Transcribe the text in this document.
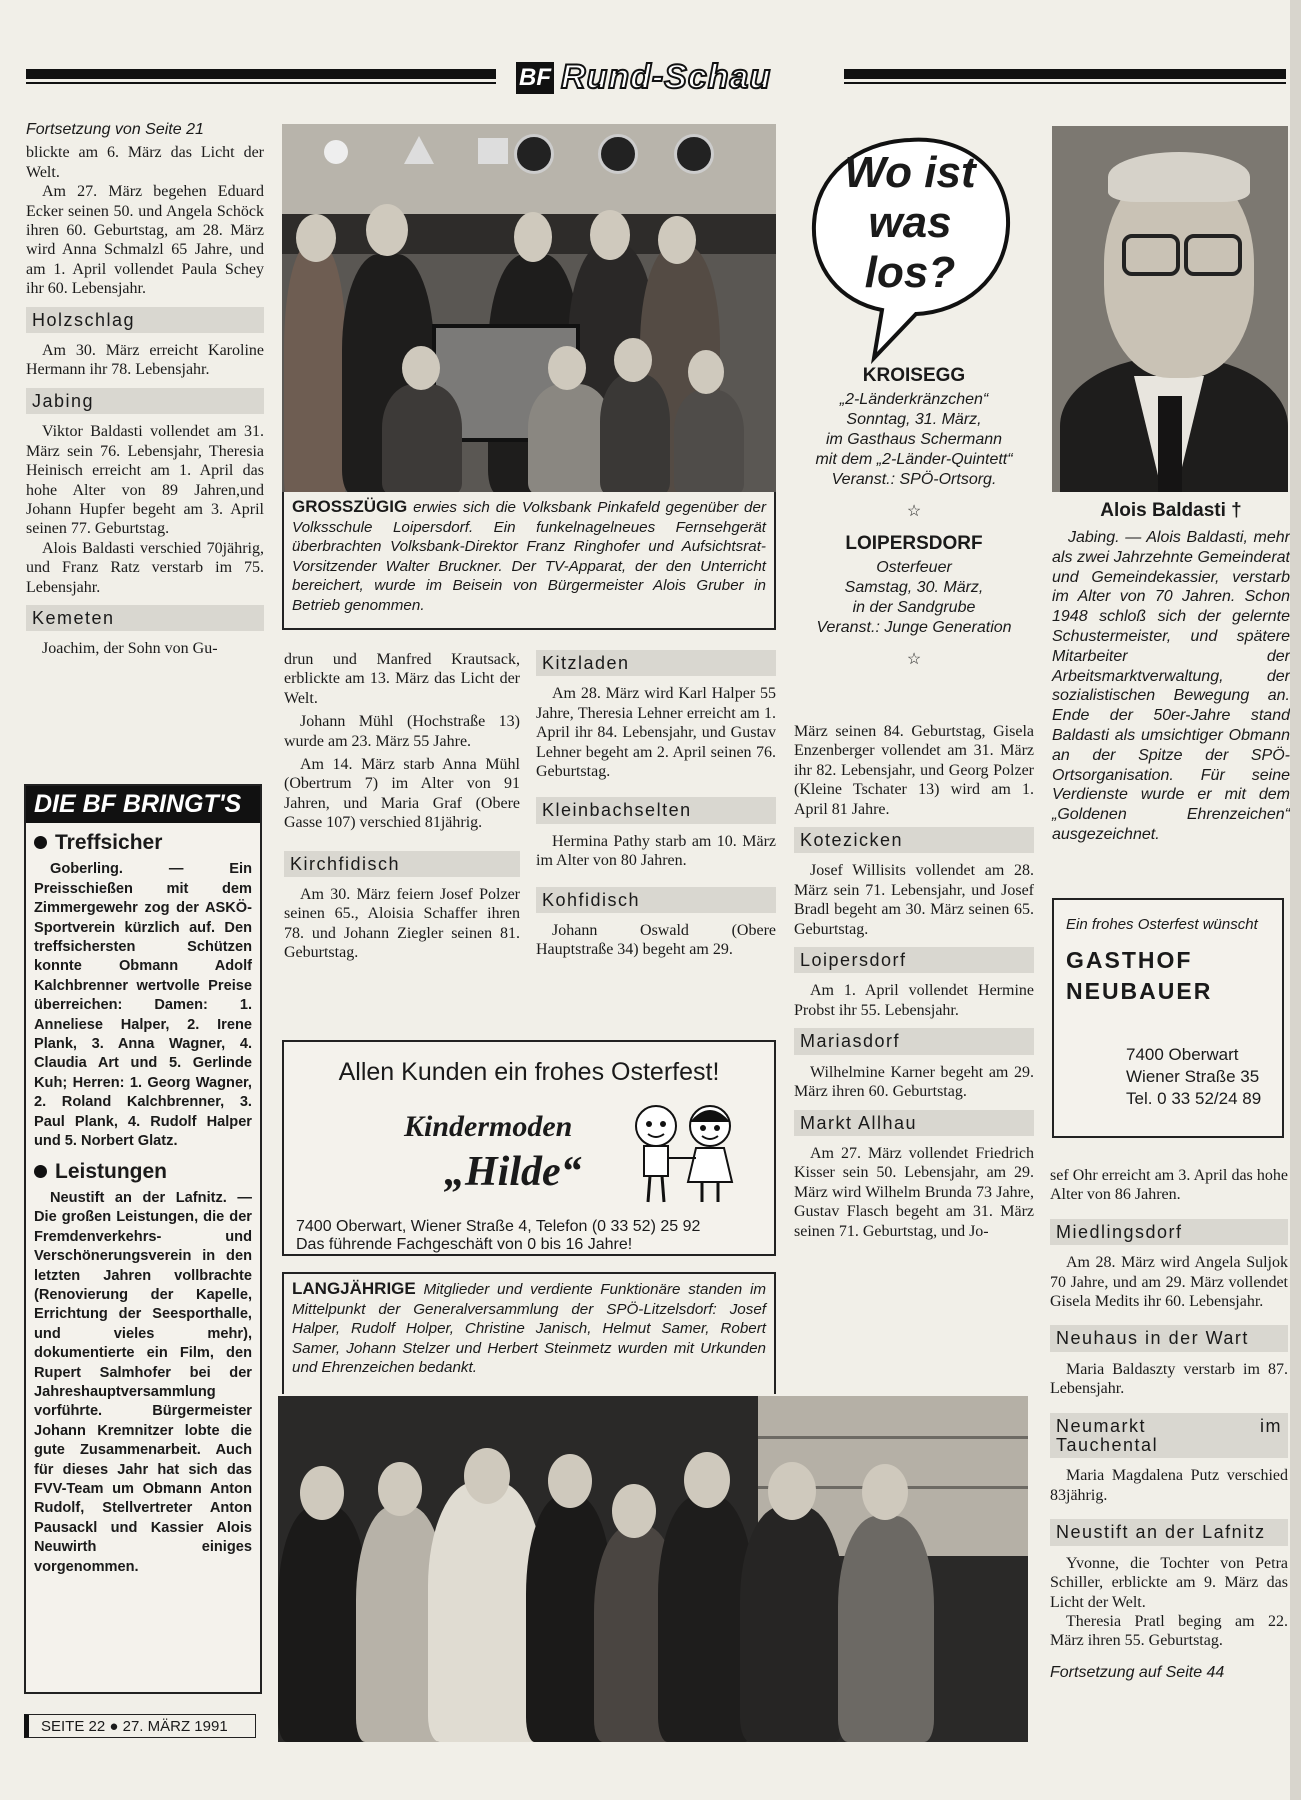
BF Rund-Schau
Fortsetzung von Seite 21

blickte am 6. März das Licht der Welt.

Am 27. März begehen Eduard Ecker seinen 50. und Angela Schöck ihren 60. Geburtstag, am 28. März wird Anna Schmalzl 65 Jahre, und am 1. April vollendet Paula Schey ihr 60. Lebensjahr.

Holzschlag

Am 30. März erreicht Karoline Hermann ihr 78. Lebensjahr.

Jabing

Viktor Baldasti vollendet am 31. März sein 76. Lebensjahr, Theresia Heinisch erreicht am 1. April das hohe Alter von 89 Jahren,und Johann Hupfer begeht am 3. April seinen 77. Geburtstag.

Alois Baldasti verschied 70jährig, und Franz Ratz verstarb im 75. Lebensjahr.

Kemeten

Joachim, der Sohn von Gu-

DIE BF BRINGT'S
Treffsicher
Goberling. — Ein Preisschießen mit dem Zimmergewehr zog der ASKÖ-Sportverein kürzlich auf. Den treffsichersten Schützen konnte Obmann Adolf Kalchbrenner wertvolle Preise überreichen: Damen: 1. Anneliese Halper, 2. Irene Plank, 3. Anna Wagner, 4. Claudia Art und 5. Gerlinde Kuh; Herren: 1. Georg Wagner, 2. Roland Kalchbrenner, 3. Paul Plank, 4. Rudolf Halper und 5. Norbert Glatz.
Leistungen
Neustift an der Lafnitz. — Die großen Leistungen, die der Fremdenverkehrs- und Verschönerungsverein in den letzten Jahren vollbrachte (Renovierung der Kapelle, Errichtung der Seesporthalle, und vieles mehr), dokumentierte ein Film, den Rupert Salmhofer bei der Jahreshauptversammlung vorführte. Bürgermeister Johann Kremnitzer lobte die gute Zusammenarbeit. Auch für dieses Jahr hat sich das FVV-Team um Obmann Anton Rudolf, Stellvertreter Anton Pausackl und Kassier Alois Neuwirth einiges vorgenommen.
SEITE 22 ● 27. MÄRZ 1991
GROSSZÜGIG erwies sich die Volksbank Pinkafeld gegenüber der Volksschule Loipersdorf. Ein funkelnagelneues Fernsehgerät überbrachten Volksbank-Direktor Franz Ringhofer und Aufsichtsrat-Vorsitzender Walter Bruckner. Der TV-Apparat, der den Unterricht bereichert, wurde im Beisein von Bürgermeister Alois Gruber in Betrieb genommen.

drun und Manfred Krautsack, erblickte am 13. März das Licht der Welt.

Johann Mühl (Hochstraße 13) wurde am 23. März 55 Jahre.

Am 14. März starb Anna Mühl (Obertrum 7) im Alter von 91 Jahren, und Maria Graf (Obere Gasse 107) verschied 81jährig.

Kirchfidisch

Am 30. März feiern Josef Polzer seinen 65., Aloisia Schaffer ihren 78. und Johann Ziegler seinen 81. Geburtstag.

Kitzladen

Am 28. März wird Karl Halper 55 Jahre, Theresia Lehner erreicht am 1. April ihr 84. Lebensjahr, und Gustav Lehner begeht am 2. April seinen 76. Geburtstag.

Kleinbachselten

Hermina Pathy starb am 10. März im Alter von 80 Jahren.

Kohfidisch

Johann Oswald (Obere Hauptstraße 34) begeht am 29.

Allen Kunden ein frohes Osterfest!
Kindermoden
„Hilde“
7400 Oberwart, Wiener Straße 4, Telefon (0 33 52) 25 92
Das führende Fachgeschäft von 0 bis 16 Jahre!
LANGJÄHRIGE Mitglieder und verdiente Funktionäre standen im Mittelpunkt der Generalversammlung der SPÖ-Litzelsdorf: Josef Halper, Rudolf Holper, Christine Janisch, Helmut Samer, Robert Samer, Johann Stelzer und Herbert Steinmetz wurden mit Urkunden und Ehrenzeichen bedankt.
Wo ist was los?
KROISEGG
„2-Länderkränzchen“
Sonntag, 31. März,
im Gasthaus Schermann
mit dem „2-Länder-Quintett“
Veranst.: SPÖ-Ortsorg.
☆
LOIPERSDORF
Osterfeuer
Samstag, 30. März,
in der Sandgrube
Veranst.: Junge Generation
☆

März seinen 84. Geburtstag, Gisela Enzenberger vollendet am 31. März ihr 82. Lebensjahr, und Georg Polzer (Kleine Tschater 13) wird am 1. April 81 Jahre.

Kotezicken

Josef Willisits vollendet am 28. März sein 71. Lebensjahr, und Josef Bradl begeht am 30. März seinen 65. Geburtstag.

Loipersdorf

Am 1. April vollendet Hermine Probst ihr 55. Lebensjahr.

Mariasdorf

Wilhelmine Karner begeht am 29. März ihren 60. Geburtstag.

Markt Allhau

Am 27. März vollendet Friedrich Kisser sein 50. Lebensjahr, am 29. März wird Wilhelm Brunda 73 Jahre, Gustav Flasch begeht am 31. März seinen 71. Geburtstag, und Jo-

Alois Baldasti †
Jabing. — Alois Baldasti, mehr als zwei Jahrzehnte Gemeinderat und Gemeindekassier, verstarb im Alter von 70 Jahren. Schon 1948 schloß sich der gelernte Schustermeister, und spätere Mitarbeiter der Arbeitsmarktverwaltung, der sozialistischen Bewegung an. Ende der 50er-Jahre stand Baldasti als umsichtiger Obmann an der Spitze der SPÖ-Ortsorganisation. Für seine Verdienste wurde er mit dem „Goldenen Ehrenzeichen“ ausgezeichnet.
Ein frohes Osterfest wünscht
GASTHOF
NEUBAUER
7400 Oberwart
Wiener Straße 35
Tel. 0 33 52/24 89

sef Ohr erreicht am 3. April das hohe Alter von 86 Jahren.

Miedlingsdorf

Am 28. März wird Angela Suljok 70 Jahre, und am 29. März vollendet Gisela Medits ihr 60. Lebensjahr.

Neuhaus in der Wart

Maria Baldaszty verstarb im 87. Lebensjahr.

Neumarkt im Tauchental

Maria Magdalena Putz verschied 83jährig.

Neustift an der Lafnitz

Yvonne, die Tochter von Petra Schiller, erblickte am 9. März das Licht der Welt.

Theresia Pratl beging am 22. März ihren 55. Geburtstag.

Fortsetzung auf Seite 44
